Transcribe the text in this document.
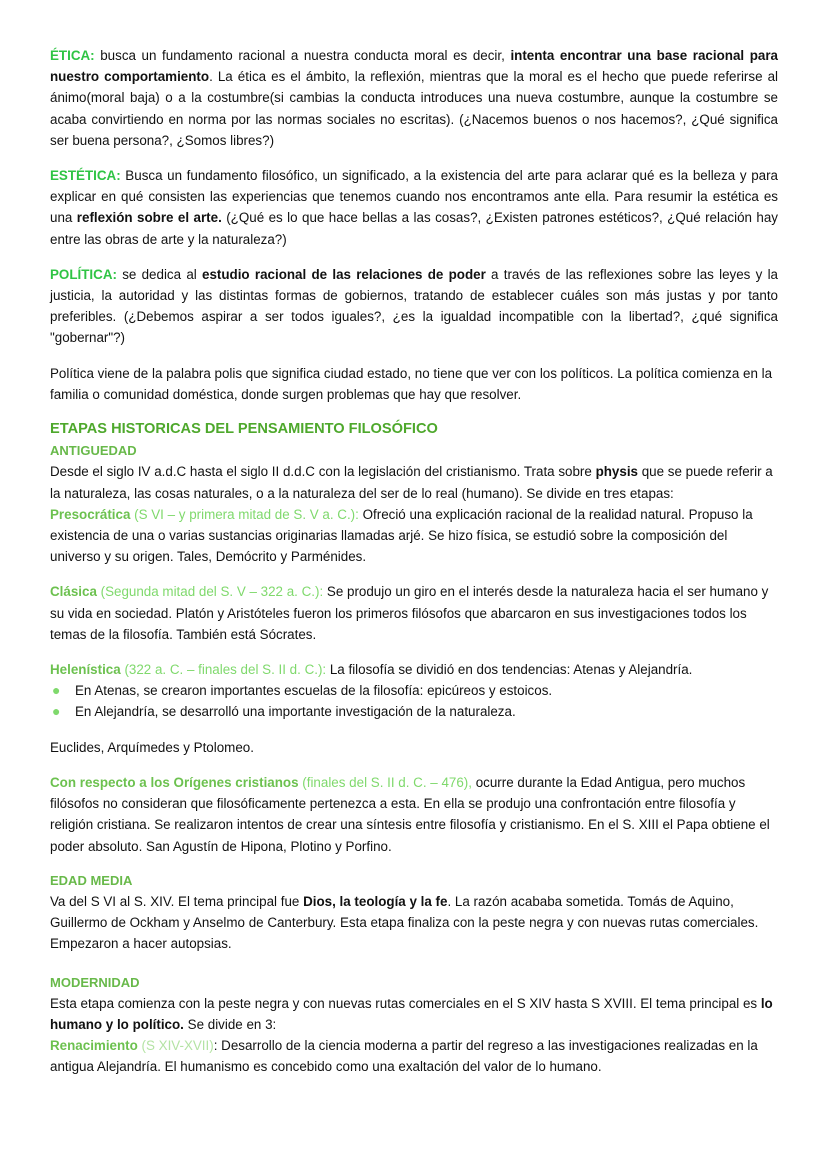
ÉTICA: busca un fundamento racional a nuestra conducta moral es decir, intenta encontrar una base racional para nuestro comportamiento. La ética es el ámbito, la reflexión, mientras que la moral es el hecho que puede referirse al ánimo(moral baja) o a la costumbre(si cambias la conducta introduces una nueva costumbre, aunque la costumbre se acaba convirtiendo en norma por las normas sociales no escritas). (¿Nacemos buenos o nos hacemos?, ¿Qué significa ser buena persona?, ¿Somos libres?)

ESTÉTICA: Busca un fundamento filosófico, un significado, a la existencia del arte para aclarar qué es la belleza y para explicar en qué consisten las experiencias que tenemos cuando nos encontramos ante ella. Para resumir la estética es una reflexión sobre el arte. (¿Qué es lo que hace bellas a las cosas?, ¿Existen patrones estéticos?, ¿Qué relación hay entre las obras de arte y la naturaleza?)

POLÍTICA: se dedica al estudio racional de las relaciones de poder a través de las reflexiones sobre las leyes y la justicia, la autoridad y las distintas formas de gobiernos, tratando de establecer cuáles son más justas y por tanto preferibles. (¿Debemos aspirar a ser todos iguales?, ¿es la igualdad incompatible con la libertad?, ¿qué significa "gobernar"?)

Política viene de la palabra polis que significa ciudad estado, no tiene que ver con los políticos. La política comienza en la familia o comunidad doméstica, donde surgen problemas que hay que resolver.

ETAPAS HISTORICAS DEL PENSAMIENTO FILOSÓFICO

ANTIGUEDAD

Desde el siglo IV a.d.C hasta el siglo II d.d.C con la legislación del cristianismo. Trata sobre physis que se puede referir a la naturaleza, las cosas naturales, o a la naturaleza del ser de lo real (humano). Se divide en tres etapas:

Presocrática (S VI – y primera mitad de S. V a. C.): Ofreció una explicación racional de la realidad natural. Propuso la existencia de una o varias sustancias originarias llamadas arjé. Se hizo física, se estudió sobre la composición del universo y su origen. Tales, Demócrito y Parménides.

Clásica (Segunda mitad del S. V – 322 a. C.): Se produjo un giro en el interés desde la naturaleza hacia el ser humano y su vida en sociedad. Platón y Aristóteles fueron los primeros filósofos que abarcaron en sus investigaciones todos los temas de la filosofía. También está Sócrates.

Helenística (322 a. C. – finales del S. II d. C.): La filosofía se dividió en dos tendencias: Atenas y Alejandría.

● En Atenas, se crearon importantes escuelas de la filosofía: epicúreos y estoicos.

● En Alejandría, se desarrolló una importante investigación de la naturaleza.

Euclides, Arquímedes y Ptolomeo.

Con respecto a los Orígenes cristianos (finales del S. II d. C. – 476), ocurre durante la Edad Antigua, pero muchos filósofos no consideran que filosóficamente pertenezca a esta. En ella se produjo una confrontación entre filosofía y religión cristiana. Se realizaron intentos de crear una síntesis entre filosofía y cristianismo. En el S. XIII el Papa obtiene el poder absoluto. San Agustín de Hipona, Plotino y Porfino.

EDAD MEDIA

Va del S VI al S. XIV. El tema principal fue Dios, la teología y la fe. La razón acababa sometida. Tomás de Aquino, Guillermo de Ockham y Anselmo de Canterbury. Esta etapa finaliza con la peste negra y con nuevas rutas comerciales. Empezaron a hacer autopsias.

MODERNIDAD

Esta etapa comienza con la peste negra y con nuevas rutas comerciales en el S XIV hasta S XVIII. El tema principal es lo humano y lo político. Se divide en 3:

Renacimiento (S XIV-XVII): Desarrollo de la ciencia moderna a partir del regreso a las investigaciones realizadas en la antigua Alejandría. El humanismo es concebido como una exaltación del valor de lo humano.
